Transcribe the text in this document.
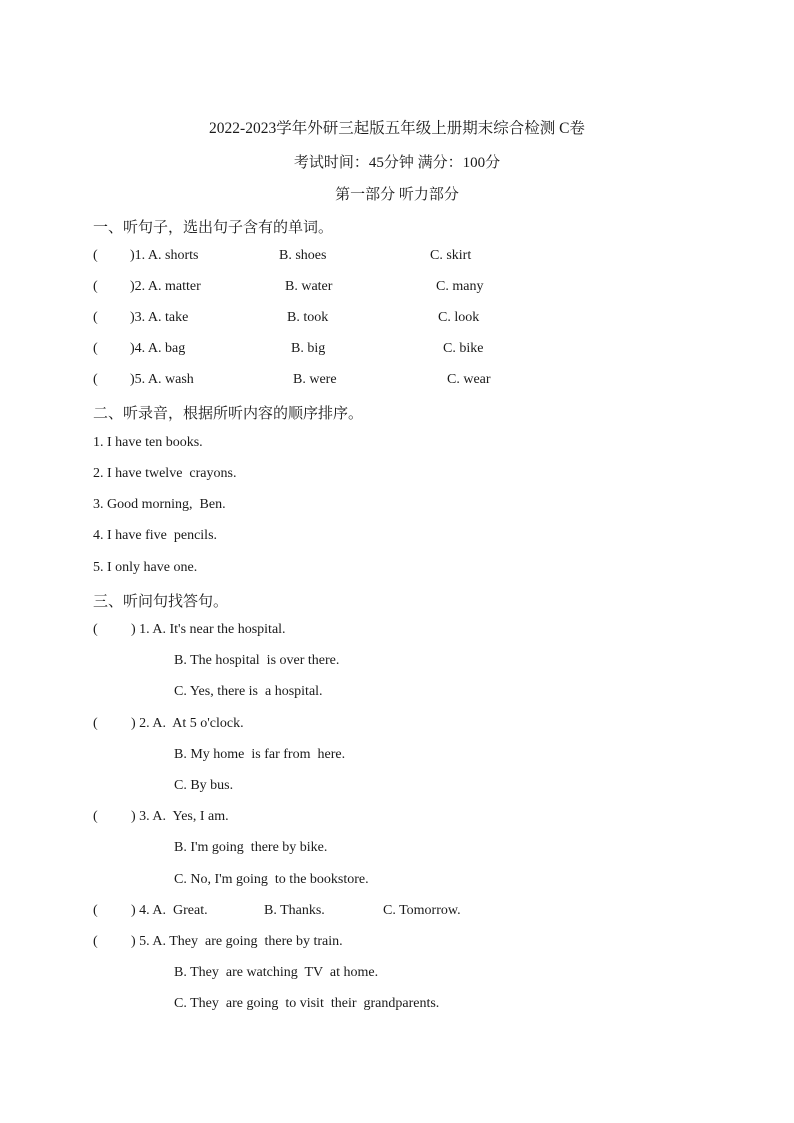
2022-2023学年外研三起版五年级上册期末综合检测 C卷
考试时间：45分钟 满分：100分
第一部分 听力部分
一、听句子，选出句子含有的单词。
( )1. A. shorts	B. shoes	C. skirt
( )2. A. matter	B. water	C. many
( )3. A. take	B. took	C. look
( )4. A. bag	B. big	C. bike
( )5. A. wash	B. were	C. wear
二、听录音，根据所听内容的顺序排序。
1. I have ten books.
2. I have twelve  crayons.
3. Good morning,  Ben.
4. I have five  pencils.
5. I only have one.
三、听问句找答句。
( ) 1. A. It's near the hospital.
B. The hospital  is over there.
C. Yes, there is  a hospital.
( ) 2. A.  At 5 o'clock.
B. My home  is far from  here.
C. By bus.
( ) 3. A.  Yes, I am.
B. I'm going  there by bike.
C. No, I'm going  to the bookstore.
( ) 4. A.  Great.	B. Thanks.	C. Tomorrow.
( ) 5. A. They  are going  there by train.
B. They  are watching  TV  at home.
C. They  are going  to visit  their  grandparents.
